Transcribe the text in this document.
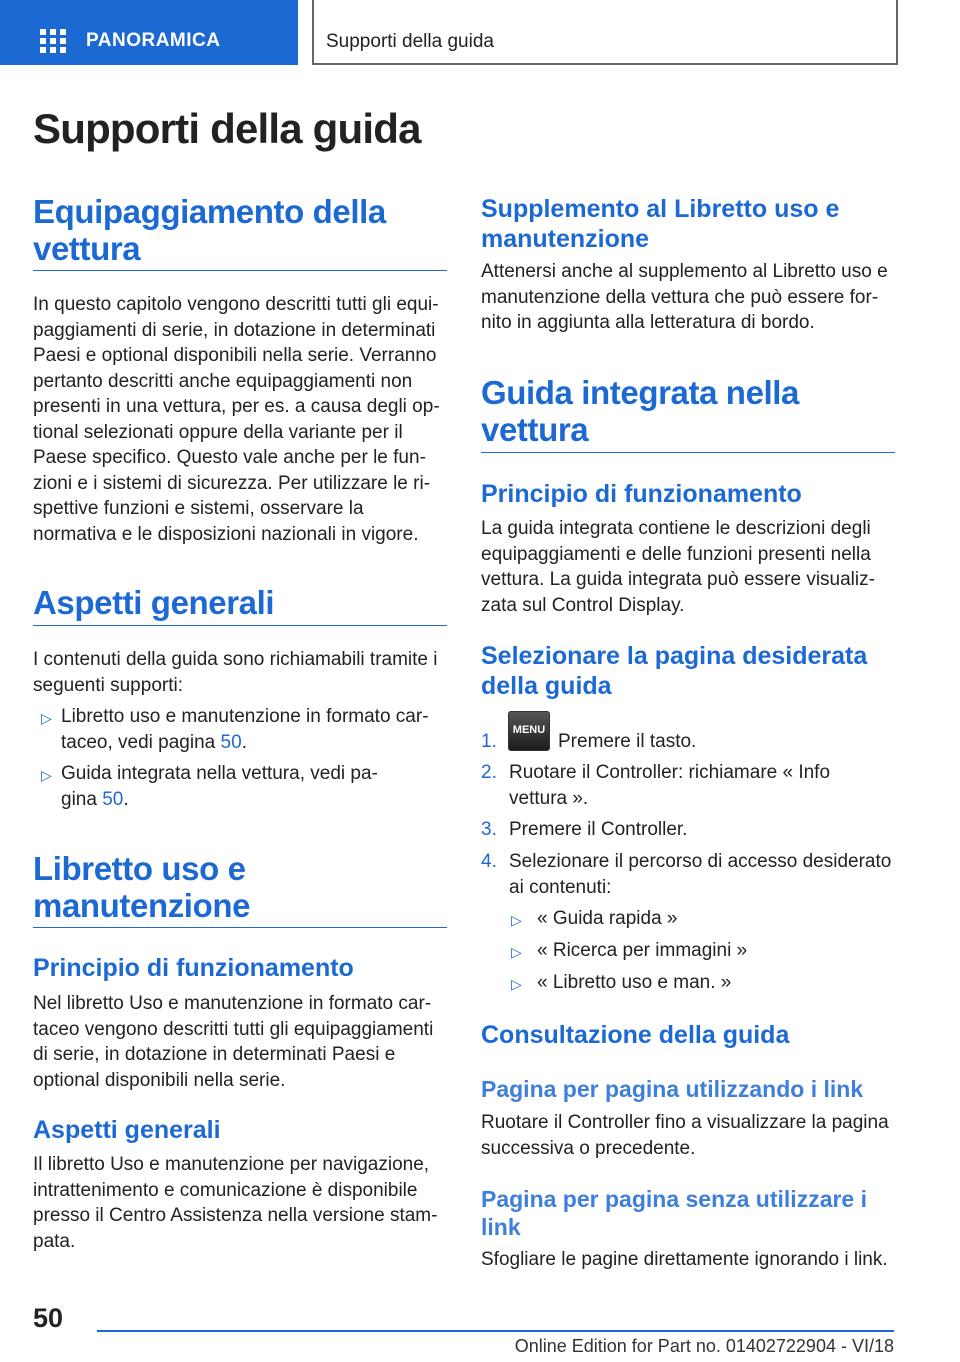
PANORAMICA	Supporti della guida
Supporti della guida
Equipaggiamento della vettura

In questo capitolo vengono descritti tutti gli equipaggiamenti di serie, in dotazione in determinati Paesi e optional disponibili nella serie. Verranno pertanto descritti anche equipaggiamenti non presenti in una vettura, per es. a causa degli optional selezionati oppure della variante per il Paese specifico. Questo vale anche per le funzioni e i sistemi di sicurezza. Per utilizzare le rispettive funzioni e sistemi, osservare la normativa e le disposizioni nazionali in vigore.

Aspetti generali

I contenuti della guida sono richiamabili tramite i seguenti supporti:

▷ Libretto uso e manutenzione in formato cartaceo, vedi pagina 50.
▷ Guida integrata nella vettura, vedi pagina 50.
Libretto uso e manutenzione
Principio di funzionamento

Nel libretto Uso e manutenzione in formato cartaceo vengono descritti tutti gli equipaggiamenti di serie, in dotazione in determinati Paesi e optional disponibili nella serie.

Aspetti generali

Il libretto Uso e manutenzione per navigazione, intrattenimento e comunicazione è disponibile presso il Centro Assistenza nella versione stampata.

Supplemento al Libretto uso e manutenzione

Attenersi anche al supplemento al Libretto uso e manutenzione della vettura che può essere fornito in aggiunta alla letteratura di bordo.

Guida integrata nella vettura
Principio di funzionamento

La guida integrata contiene le descrizioni degli equipaggiamenti e delle funzioni presenti nella vettura. La guida integrata può essere visualizzata sul Control Display.

Selezionare la pagina desiderata della guida
1.
MENU

Premere il tasto.

2. Ruotare il Controller: richiamare « Info vettura ».

3. Premere il Controller.

4. Selezionare il percorso di accesso desiderato ai contenuti:

▷ « Guida rapida »

▷ « Ricerca per immagini »

▷ « Libretto uso e man. »

Consultazione della guida
Pagina per pagina utilizzando i link

Ruotare il Controller fino a visualizzare la pagina successiva o precedente.

Pagina per pagina senza utilizzare i link

Sfogliare le pagine direttamente ignorando i link.

50
Online Edition for Part no. 01402722904 - VI/18
